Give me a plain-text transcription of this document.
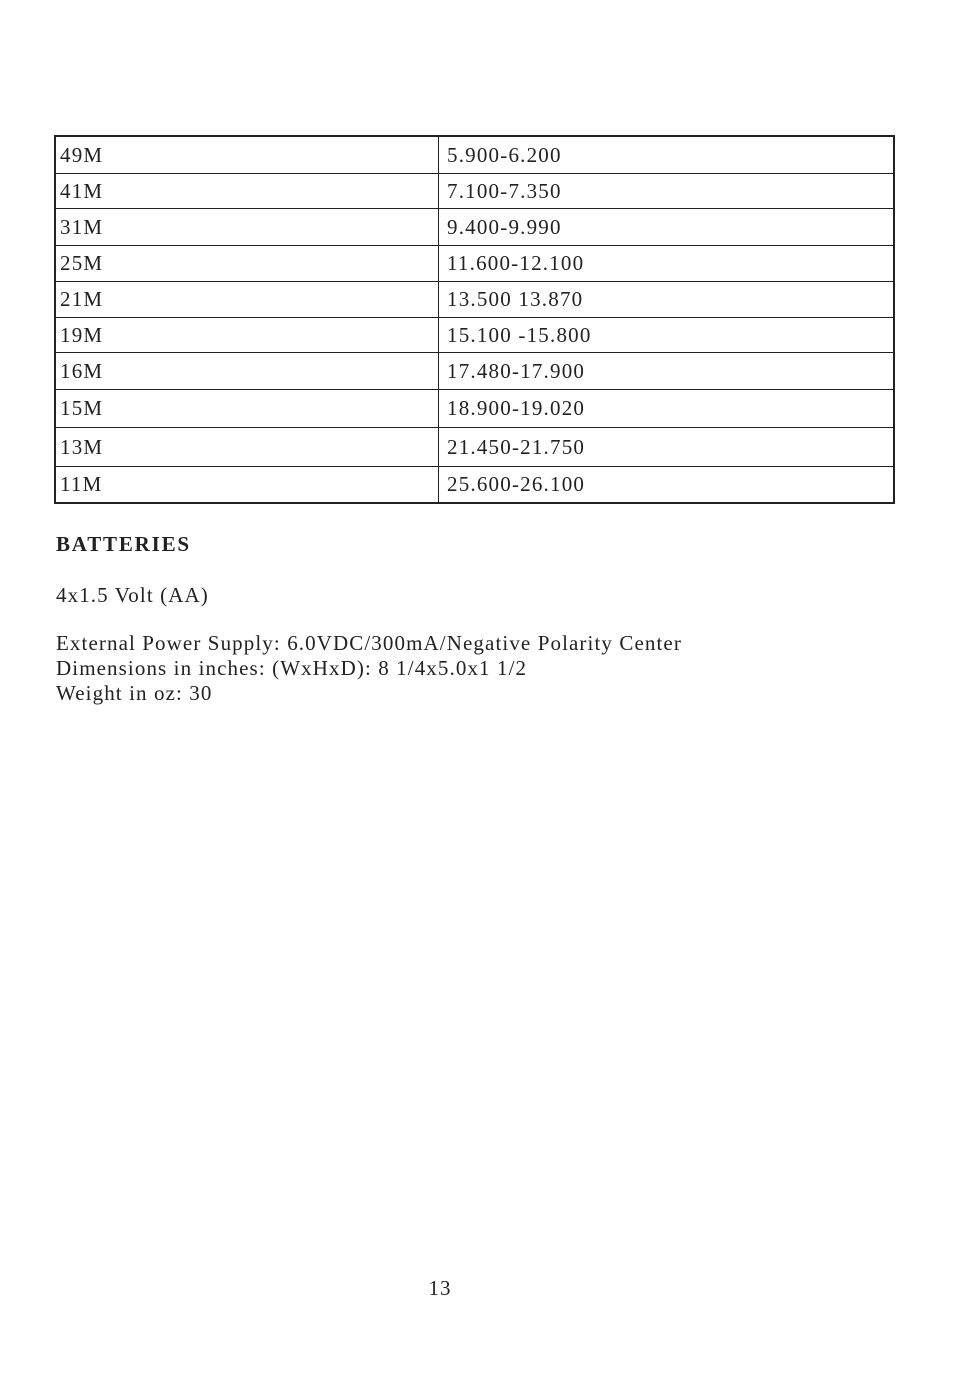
49M	5.900-6.200
41M	7.100-7.350
31M	9.400-9.990
25M	11.600-12.100
21M	13.500 13.870
19M	15.100 -15.800
16M	17.480-17.900
15M	18.900-19.020
13M	21.450-21.750
11M	25.600-26.100
BATTERIES

4x1.5 Volt (AA)

External Power Supply: 6.0VDC/300mA/Negative Polarity Center

Dimensions in inches: (WxHxD): 8 1/4x5.0x1 1/2

Weight in oz: 30

13
